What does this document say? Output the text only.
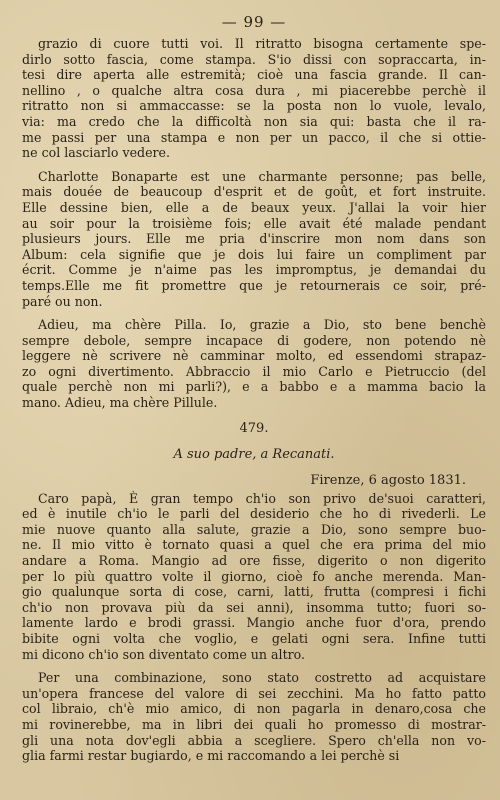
— 99 —

grazio di cuore tutti voi. Il ritratto bisogna certamente spe-

dirlo sotto fascia, come stampa. S'io dissi con sopraccarta, in-

tesi dire aperta alle estremità; cioè una fascia grande. Il can-

nellino , o qualche altra cosa dura , mi piacerebbe perchè il

ritratto non si ammaccasse: se la posta non lo vuole, levalo,

via: ma credo che la difficoltà non sia qui: basta che il ra-

me passi per una stampa e non per un pacco, il che si ottie-

ne col lasciarlo vedere.

Charlotte Bonaparte est une charmante personne; pas belle,

mais douée de beaucoup d'esprit et de goût, et fort instruite.

Elle dessine bien, elle a de beaux yeux. J'allai la voir hier

au soir pour la troisième fois; elle avait été malade pendant

plusieurs jours. Elle me pria d'inscrire mon nom dans son

Album: cela signifie que je dois lui faire un compliment par

écrit. Comme je n'aime pas les impromptus, je demandai du

temps.Elle me fit promettre que je retournerais ce soir, pré-

paré ou non.

Adieu, ma chère Pilla. Io, grazie a Dio, sto bene benchè

sempre debole, sempre incapace di godere, non potendo nè

leggere nè scrivere nè camminar molto, ed essendomi strapaz-

zo ogni divertimento. Abbraccio il mio Carlo e Pietruccio (del

quale perchè non mi parli?), e a babbo e a mamma bacio la

mano. Adieu, ma chère Pillule.

479.
A suo padre, a Recanati.
Firenze, 6 agosto 1831.

Caro papà, È gran tempo ch'io son privo de'suoi caratteri,

ed è inutile ch'io le parli del desiderio che ho di rivederli. Le

mie nuove quanto alla salute, grazie a Dio, sono sempre buo-

ne. Il mio vitto è tornato quasi a quel che era prima del mio

andare a Roma. Mangio ad ore fisse, digerito o non digerito

per lo più quattro volte il giorno, cioè fo anche merenda. Man-

gio qualunque sorta di cose, carni, latti, frutta (compresi i fichi

ch'io non provava più da sei anni), insomma tutto; fuori so-

lamente lardo e brodi grassi. Mangio anche fuor d'ora, prendo

bibite ogni volta che voglio, e gelati ogni sera. Infine tutti

mi dicono ch'io son diventato come un altro.

Per una combinazione, sono stato costretto ad acquistare

un'opera francese del valore di sei zecchini. Ma ho fatto patto

col libraio, ch'è mio amico, di non pagarla in denaro,cosa che

mi rovinerebbe, ma in libri dei quali ho promesso di mostrar-

gli una nota dov'egli abbia a scegliere. Spero ch'ella non vo-

glia farmi restar bugiardo, e mi raccomando a lei perchè si
